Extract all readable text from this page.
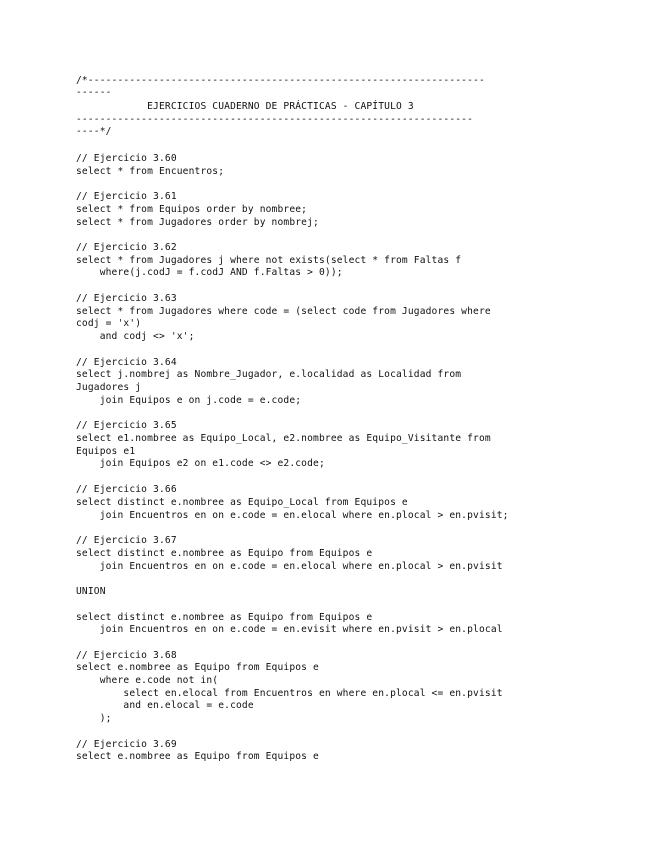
/*-------------------------------------------------------------------
------
EJERCICIOS CUADERNO DE PRÁCTICAS - CAPÍTULO 3
-------------------------------------------------------------------
----*/
// Ejercicio 3.60
select * from Encuentros;
// Ejercicio 3.61
select * from Equipos order by nombree;
select * from Jugadores order by nombrej;
// Ejercicio 3.62
select * from Jugadores j where not exists(select * from Faltas f
where(j.codJ = f.codJ AND f.Faltas > 0));
// Ejercicio 3.63
select * from Jugadores where code = (select code from Jugadores where
codj = 'x')
and codj <> 'x';
// Ejercicio 3.64
select j.nombrej as Nombre_Jugador, e.localidad as Localidad from
Jugadores j
join Equipos e on j.code = e.code;
// Ejercicio 3.65
select e1.nombree as Equipo_Local, e2.nombree as Equipo_Visitante from
Equipos e1
join Equipos e2 on e1.code <> e2.code;
// Ejercicio 3.66
select distinct e.nombree as Equipo_Local from Equipos e
join Encuentros en on e.code = en.elocal where en.plocal > en.pvisit;
// Ejercicio 3.67
select distinct e.nombree as Equipo from Equipos e
join Encuentros en on e.code = en.elocal where en.plocal > en.pvisit
UNION
select distinct e.nombree as Equipo from Equipos e
join Encuentros en on e.code = en.evisit where en.pvisit > en.plocal
// Ejercicio 3.68
select e.nombree as Equipo from Equipos e
where e.code not in(
select en.elocal from Encuentros en where en.plocal <= en.pvisit
and en.elocal = e.code
);
// Ejercicio 3.69
select e.nombree as Equipo from Equipos e
